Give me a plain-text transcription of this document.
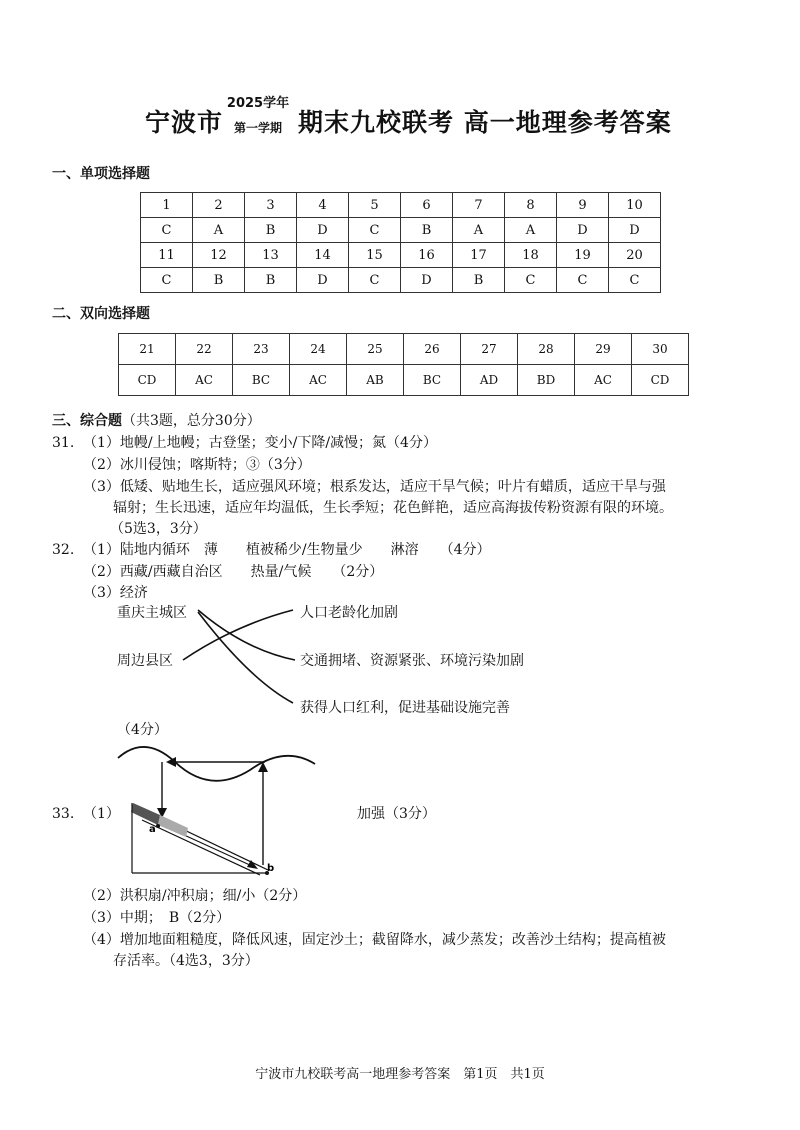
宁波市
2025学年
第一学期 期末九校联考 高一地理参考答案
一、单项选择题
1	2	3	4	5	6	7	8	9	10
C	A	B	D	C	B	A	A	D	D
11	12	13	14	15	16	17	18	19	20
C	B	B	D	C	D	B	C	C	C
二、双向选择题
21	22	23	24	25	26	27	28	29	30
CD	AC	BC	AC	AB	BC	AD	BD	AC	CD
三、综合题（共3题，总分30分）
31. （1）地幔/上地幔；古登堡；变小/下降/减慢；氮（4分）
（2）冰川侵蚀；喀斯特；③（3分）
（3）低矮、贴地生长，适应强风环境；根系发达，适应干旱气候；叶片有蜡质，适应干旱与强
辐射；生长迅速，适应年均温低，生长季短；花色鲜艳，适应高海拔传粉资源有限的环境。
（5选3，3分）
32. （1）陆地内循环　薄　　植被稀少/生物量少　　淋溶　　（4分）
（2）西藏/西藏自治区　　热量/气候　　（2分）
（3）经济
重庆主城区
周边县区
人口老龄化加剧
交通拥堵、资源紧张、环境污染加剧
获得人口红利，促进基础设施完善
（4分）
a
b
33. （1）	加强（3分）
（2）洪积扇/冲积扇；细/小（2分）
（3）中期；　B（2分）
（4）增加地面粗糙度，降低风速，固定沙土；截留降水，减少蒸发；改善沙土结构；提高植被
存活率。（4选3，3分）
宁波市九校联考高一地理参考答案　第1页　共1页
